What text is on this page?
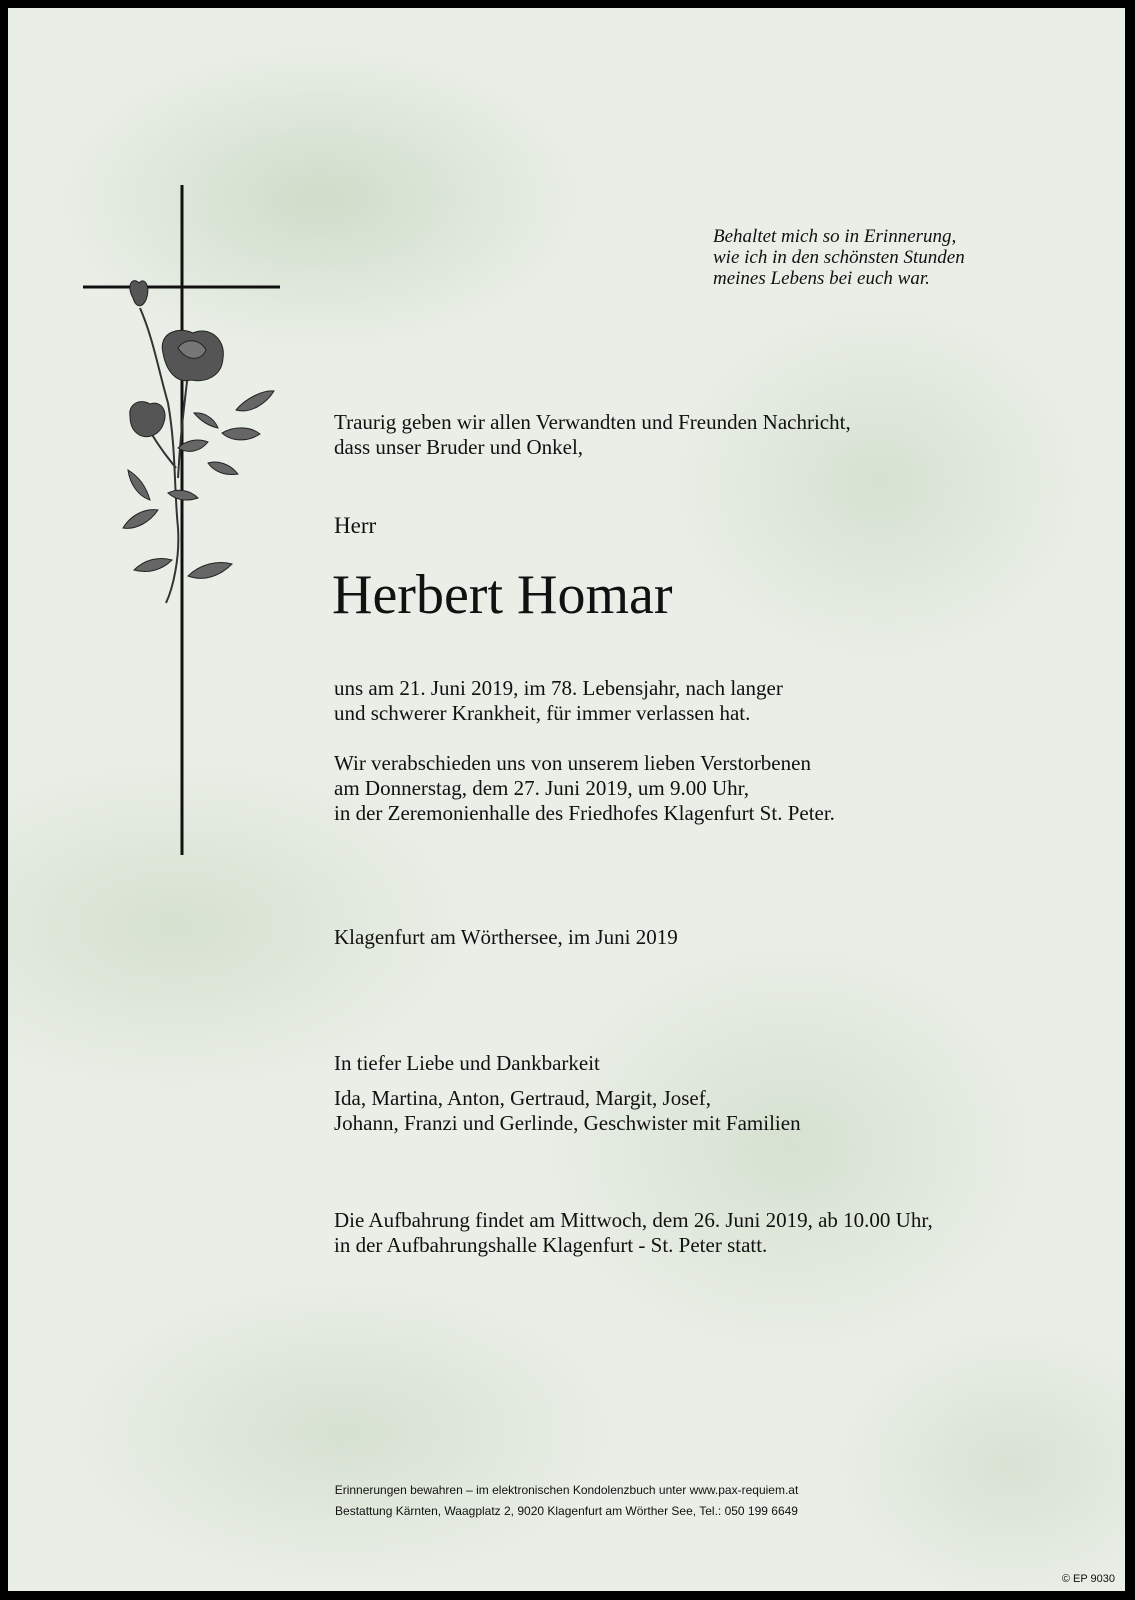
Behaltet mich so in Erinnerung,
wie ich in den schönsten Stunden
meines Lebens bei euch war.
Traurig geben wir allen Verwandten und Freunden Nachricht,
dass unser Bruder und Onkel,
Herr
Herbert Homar
uns am 21. Juni 2019, im 78. Lebensjahr, nach langer
und schwerer Krankheit, für immer verlassen hat.
Wir verabschieden uns von unserem lieben Verstorbenen
am Donnerstag, dem 27. Juni 2019, um 9.00 Uhr,
in der Zeremonienhalle des Friedhofes Klagenfurt St. Peter.
Klagenfurt am Wörthersee, im Juni 2019
In tiefer Liebe und Dankbarkeit
Ida, Martina, Anton, Gertraud, Margit, Josef,
Johann, Franzi und Gerlinde, Geschwister mit Familien
Die Aufbahrung findet am Mittwoch, dem 26. Juni 2019, ab 10.00 Uhr,
in der Aufbahrungshalle Klagenfurt - St. Peter statt.
Erinnerungen bewahren – im elektronischen Kondolenzbuch unter www.pax-requiem.at
Bestattung Kärnten, Waagplatz 2, 9020 Klagenfurt am Wörther See, Tel.: 050 199 6649
© EP 9030
